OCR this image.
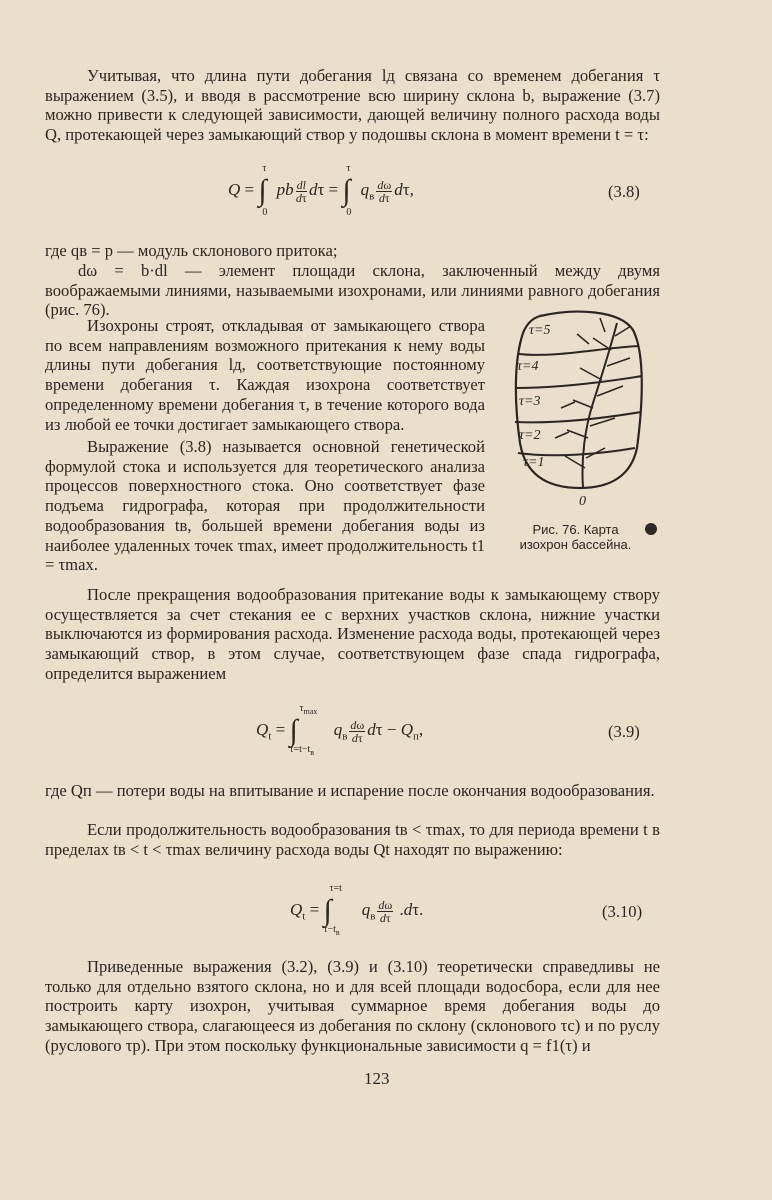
Учитывая, что длина пути добегания lд связана со временем добегания τ выражением (3.5), и вводя в рассмотрение всю ширину склона b, выражение (3.7) можно привести к следующей зависимости, дающей величину полного расхода воды Q, протекающей через замыкающий створ у подошвы склона в момент времени t = τ:
Q =
τ
∫
0
pb $\frac{dl}{d\tau}$ dτ =
τ
∫
0
$q_в \frac{d\omega}{d\tau} d\tau$,	(3.8)
где qв = p — модуль склонового притока;
dω = b·dl — элемент площади склона, заключенный между двумя воображаемыми линиями, называемыми изохронами, или линиями равного добегания (рис. 76).
Изохроны строят, откладывая от замыкающего створа по всем направлениям возможного притекания к нему воды длины пути добегания lд, соответствующие постоянному времени добегания τ. Каждая изохрона соответствует определенному времени добегания τ, в течение которого вода из любой ее точки достигает замыкающего створа.
Выражение (3.8) называется основной генетической формулой стока и используется для теоретического анализа процессов поверхностного стока. Оно соответствует фазе подъема гидрографа, которая при продолжительности водообразования tв, большей времени добегания воды из наиболее удаленных точек τmax, имеет продолжительность t1 = τmax.
τ=5
τ=4
τ=3
τ=2
τ=1
0
Рис. 76. Карта изохрон бассейна.
После прекращения водообразования притекание воды к замыкающему створу осуществляется за счет стекания ее с верхних участков склона, нижние участки выключаются из формирования расхода. Изменение расхода воды, протекающей через замыкающий створ, в этом случае, соответствующем фазе спада гидрографа, определится выражением
$Q_t$ =
$\tau_{max}$
∫
$\tau=t-t_в$
$q_в \frac{d\omega}{d\tau}$ $d\tau - Q_п$,	(3.9)
где Qп — потери воды на впитывание и испарение после окончания водообразования.
Если продолжительность водообразования tв < τmax, то для периода времени t в пределах tв < t < τmax величину расхода воды Qt находят по выражению:
$Q_t$ =
τ=t
∫
$\tau-t_в$
$q_в \frac{d\omega}{d\tau} .d\tau$.	(3.10)
Приведенные выражения (3.2), (3.9) и (3.10) теоретически справедливы не только для отдельно взятого склона, но и для всей площади водосбора, если для нее построить карту изохрон, учитывая суммарное время добегания воды до замыкающего створа, слагающееся из добегания по склону (склонового τс) и по руслу (руслового τр). При этом поскольку функциональные зависимости q = f1(τ) и
123
